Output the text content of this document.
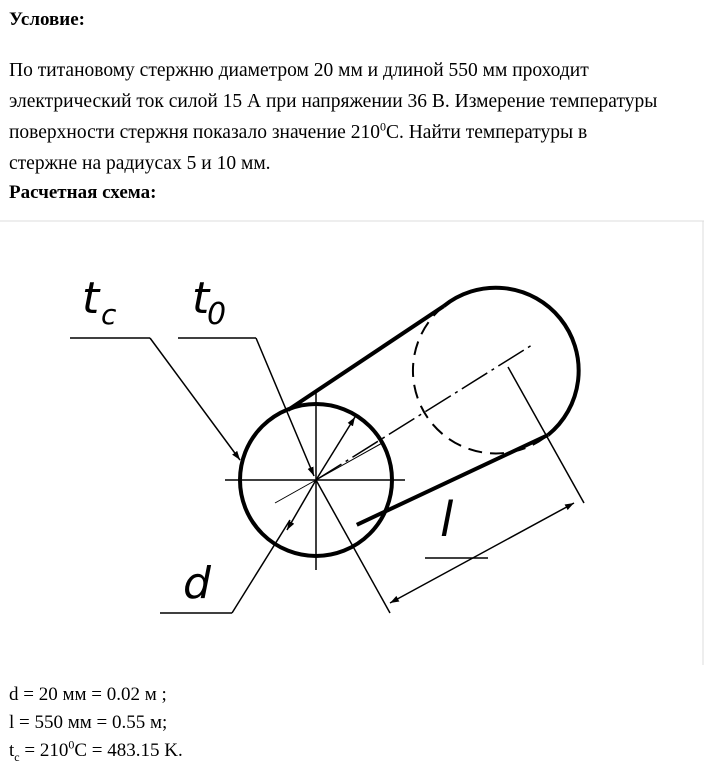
Условие:

По титановому стержню диаметром 20 мм и длиной 550 мм проходит
электрический ток силой 15 А при напряжении 36 В. Измерение температуры
поверхности стержня показало значение $210^0С$. Найти температуры в
стержне на радиусах 5 и 10 мм.

Расчетная схема:
t c t
0
d
l

d = 20 мм = 0.02 м ;

l = 550 мм = 0.55 м;

$t_c = 210^0C = 483.15$ K.
